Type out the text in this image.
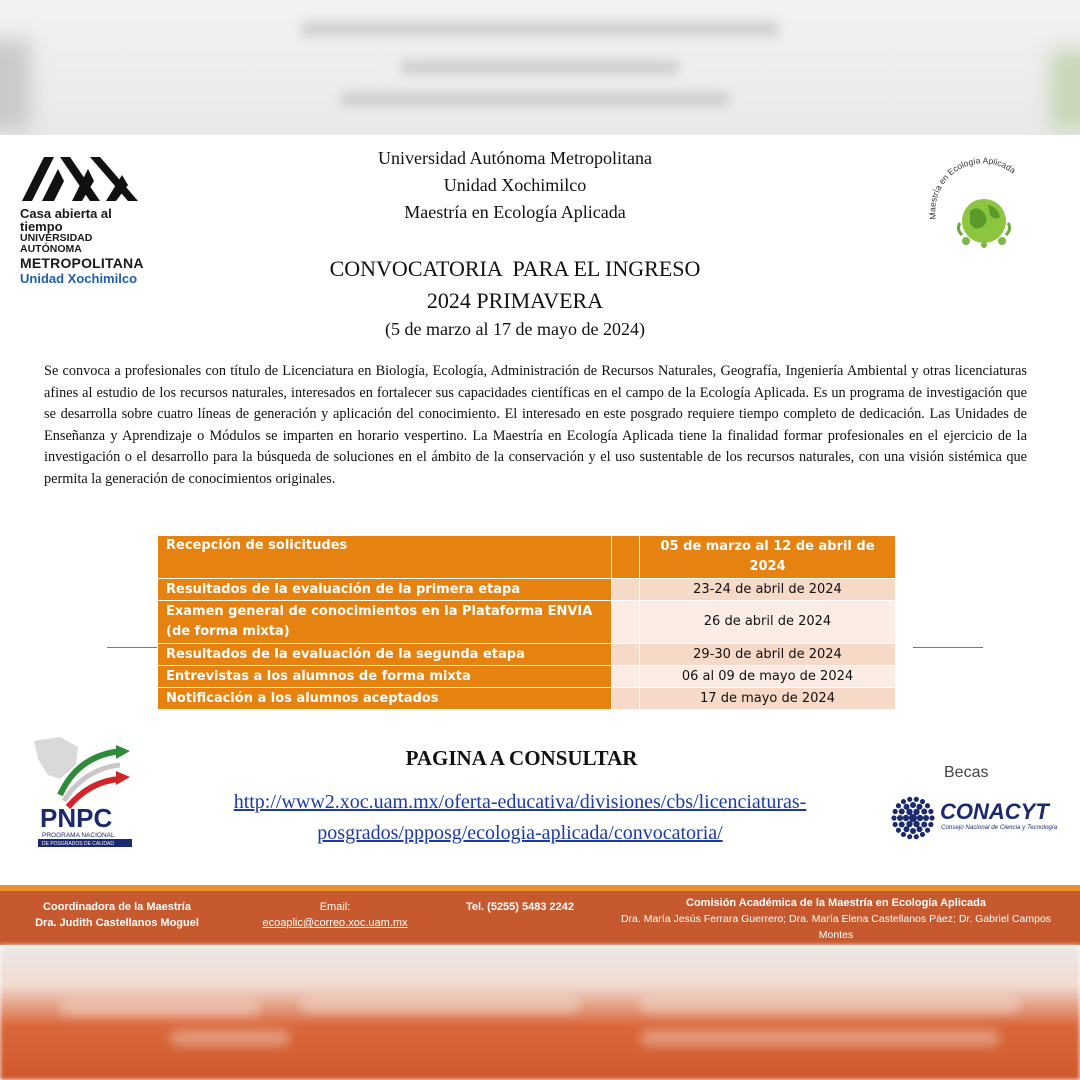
Casa abierta al tiempo
UNIVERSIDAD AUTÓNOMA
METROPOLITANA
Unidad Xochimilco
Universidad Autónoma Metropolitana
Unidad Xochimilco
Maestría en Ecología Aplicada	Maestría en Ecología Aplicada
CONVOCATORIA  PARA EL INGRESO
2024 PRIMAVERA
(5 de marzo al 17 de mayo de 2024)
Se convoca a profesionales con título de Licenciatura en Biología, Ecología, Administración de Recursos Naturales, Geografía, Ingeniería Ambiental y otras licenciaturas afines al estudio de los recursos naturales, interesados en fortalecer sus capacidades científicas en el campo de la Ecología Aplicada. Es un programa de investigación que se desarrolla sobre cuatro líneas de generación y aplicación del conocimiento. El interesado en este posgrado requiere tiempo completo de dedicación. Las Unidades de Enseñanza y Aprendizaje o Módulos se imparten en horario vespertino. La Maestría en Ecología Aplicada tiene la finalidad formar profesionales en el ejercicio de la investigación o el desarrollo para la búsqueda de soluciones en el ámbito de la conservación y el uso sustentable de los recursos naturales, con una visión sistémica que permita la generación de conocimientos originales.
Recepción de solicitudes		05 de marzo al 12 de abril de 2024
Resultados de la evaluación de la primera etapa		23-24 de abril de 2024
Examen general de conocimientos en la Plataforma ENVIA (de forma mixta)		26 de abril de 2024
Resultados de la evaluación de la segunda etapa		29-30 de abril de 2024
Entrevistas a los alumnos de forma mixta		06 al 09 de mayo de 2024
Notificación a los alumnos aceptados		17 de mayo de 2024
PNPC
PROGRAMA NACIONAL
DE POSGRADOS DE CALIDAD
PAGINA A CONSULTAR
http://www2.xoc.uam.mx/oferta-educativa/divisiones/cbs/licenciaturas-
posgrados/ppposg/ecologia-aplicada/convocatoria/
Becas
CONACYT
Consejo Nacional de Ciencia y Tecnología
Coordinadora de la Maestría
Dra. Judith Castellanos Moguel
Email:
ecoaplic@correo.xoc.uam.mx
Tel. (5255) 5483 2242	Comisión Académica de la Maestría en Ecología Aplicada
Dra. María Jesús Ferrara Guerrero; Dra. María Elena Castellanos Páez; Dr. Gabriel Campos Montes
